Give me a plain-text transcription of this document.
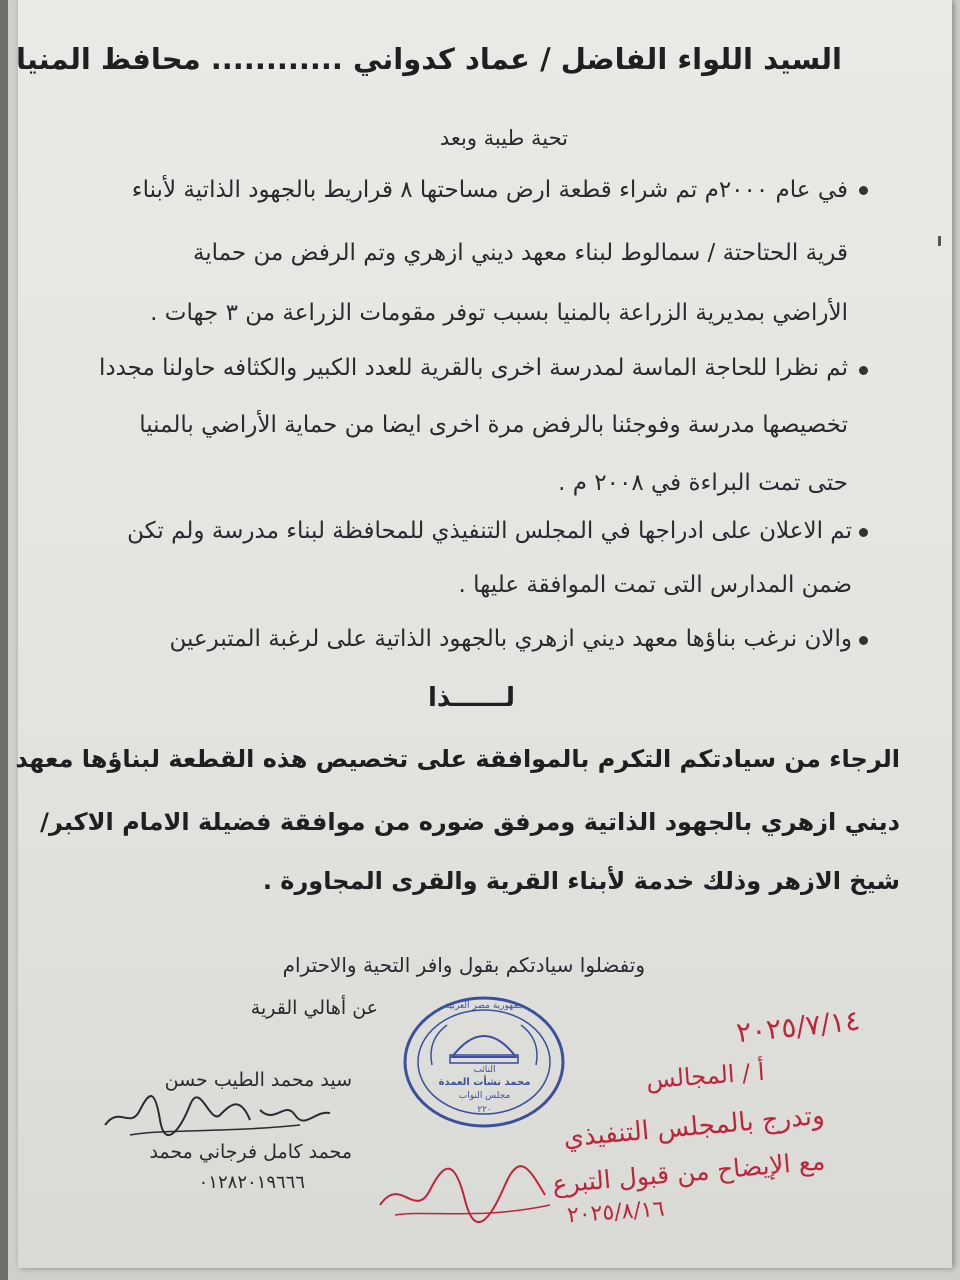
السيد اللواء الفاضل / عماد كدواني ............ محافظ المنيا
تحية طيبة وبعد
في عام ٢٠٠٠م تم شراء قطعة ارض مساحتها ٨ قراريط بالجهود الذاتية لأبناء
قرية الحتاحتة / سمالوط لبناء معهد ديني ازهري وتم الرفض من حماية
الأراضي بمديرية الزراعة بالمنيا بسبب توفر مقومات الزراعة من ٣ جهات .
ثم نظرا للحاجة الماسة لمدرسة اخرى بالقرية للعدد الكبير والكثافه حاولنا مجددا
تخصيصها مدرسة وفوجئنا بالرفض مرة اخرى ايضا من حماية الأراضي بالمنيا
حتى تمت البراءة في ٢٠٠٨ م .
تم الاعلان على ادراجها في المجلس التنفيذي للمحافظة لبناء مدرسة ولم تكن
ضمن المدارس التى تمت الموافقة عليها .
والان نرغب بناؤها معهد ديني ازهري بالجهود الذاتية على لرغبة المتبرعين
لــــــذا
الرجاء من سيادتكم التكرم بالموافقة على تخصيص هذه القطعة لبناؤها معهد
ديني ازهري بالجهود الذاتية ومرفق ضوره من موافقة فضيلة الامام الاكبر/
شيخ الازهر وذلك خدمة لأبناء القرية والقرى المجاورة .
وتفضلوا سيادتكم بقول وافر التحية والاحترام
عن أهالي القرية
سيد محمد الطيب حسن
محمد كامل فرجاني محمد
٠١٢٨٢٠١٩٦٦٦
جمهورية مصر العربية
النائب
محمد نشأت العمدة
مجلس النواب
٢٢٠
٢٠٢٥/٧/١٤
أ / المجالس
وتدرج بالمجلس التنفيذي
مع الإيضاح من قبول التبرع
٢٠٢٥/٨/١٦
